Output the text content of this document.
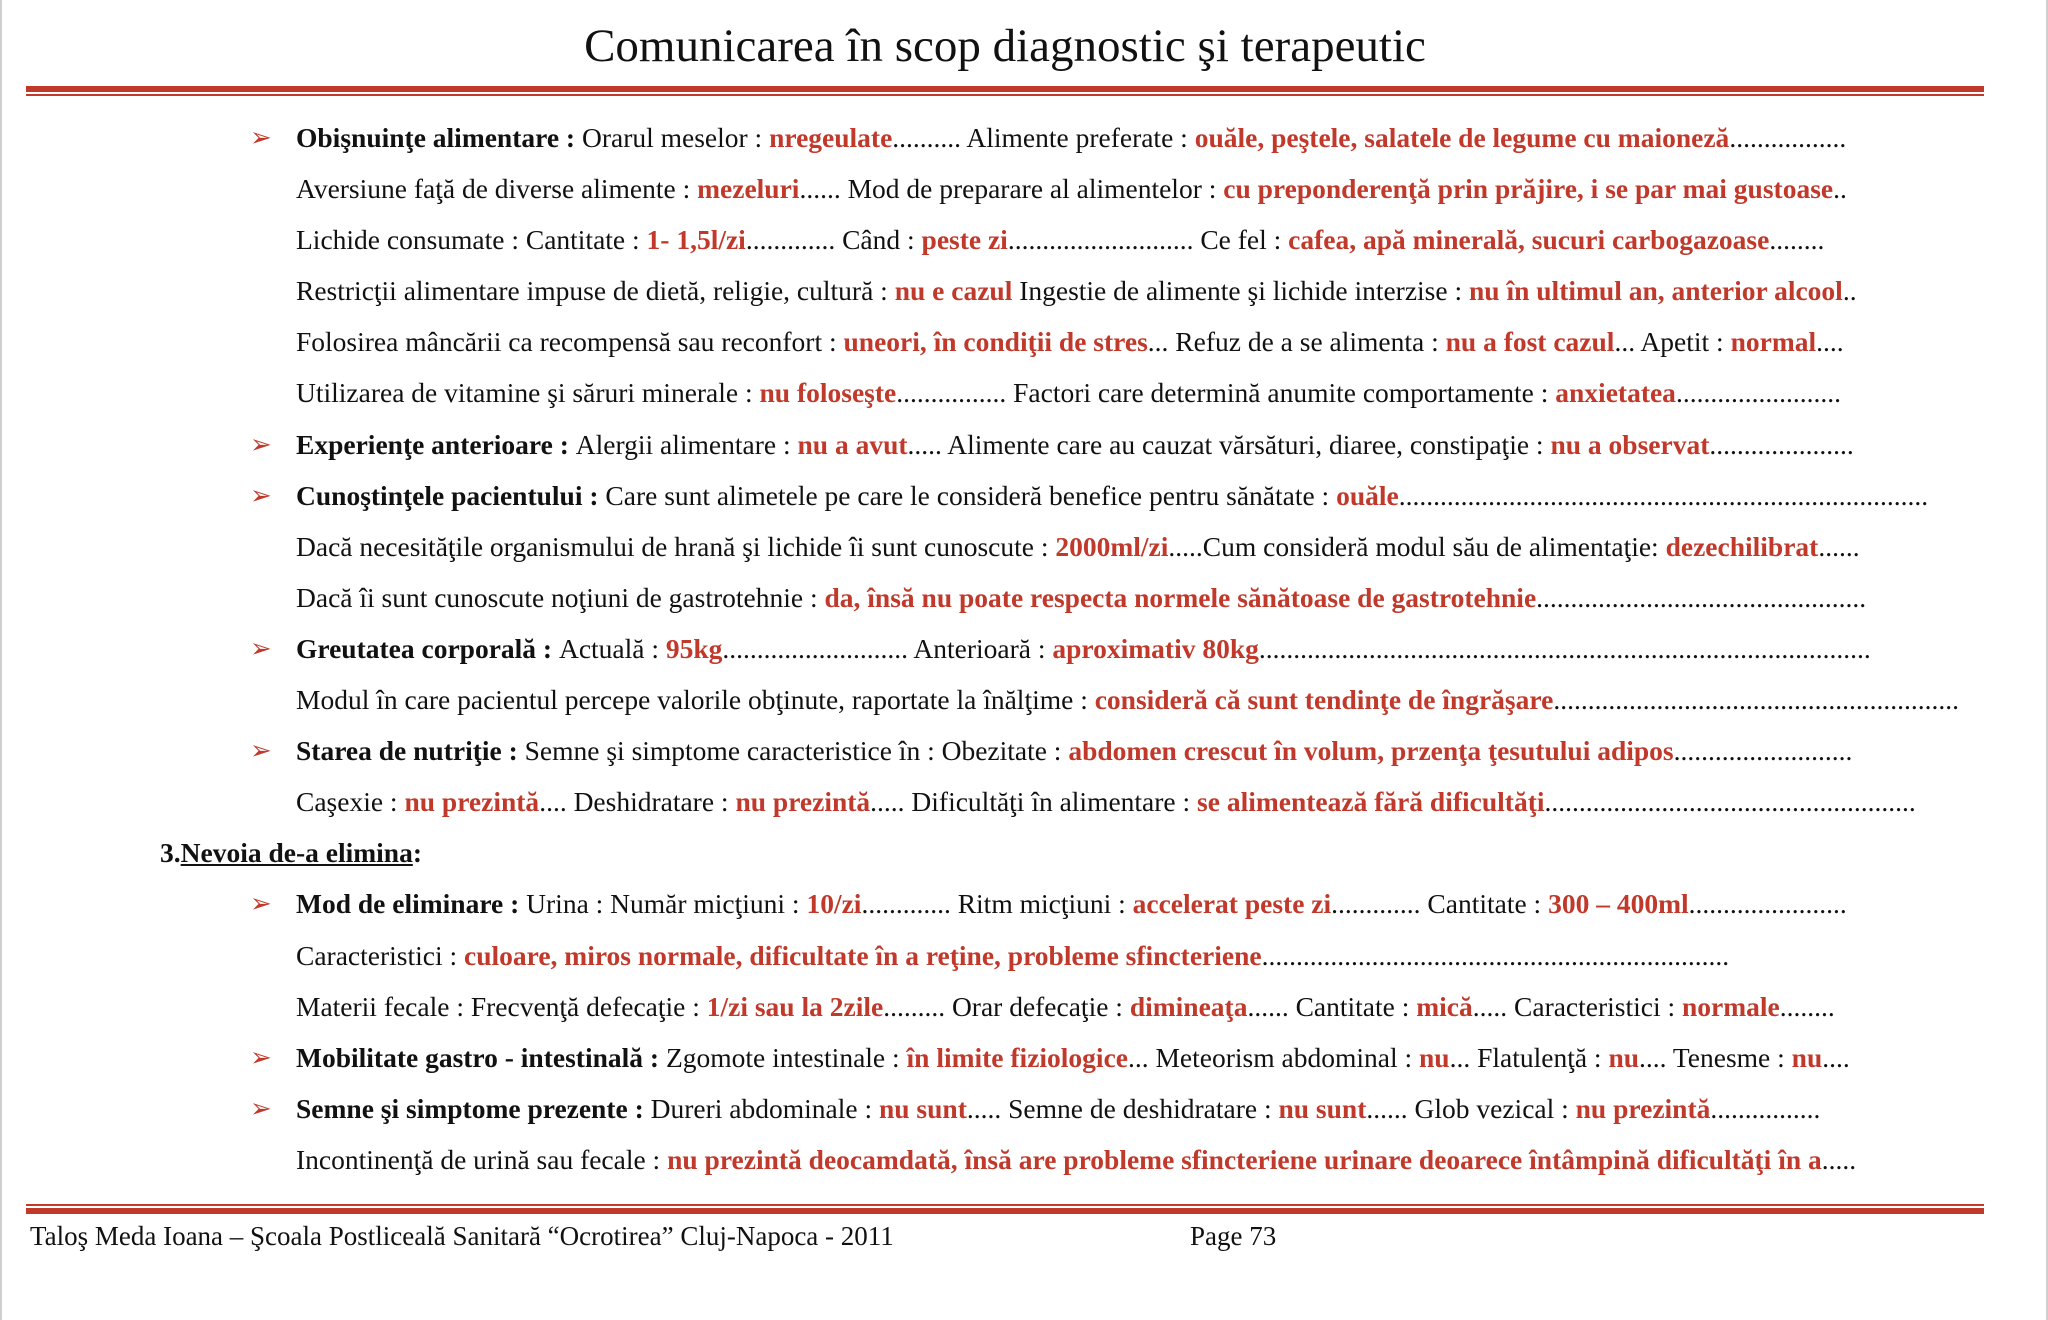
Comunicarea în scop diagnostic şi terapeutic
➢ Obişnuinţe alimentare : Orarul meselor : nregeulate.......... Alimente preferate : ouăle, peştele, salatele de legume cu maioneză.................
Aversiune faţă de diverse alimente : mezeluri...... Mod de preparare al alimentelor : cu preponderenţă prin prăjire, i se par mai gustoase..
Lichide consumate : Cantitate : 1- 1,5l/zi............. Când : peste zi........................... Ce fel : cafea, apă minerală, sucuri carbogazoase........
Restricţii alimentare impuse de dietă, religie, cultură : nu e cazul Ingestie de alimente şi lichide interzise : nu în ultimul an, anterior alcool..
Folosirea mâncării ca recompensă sau reconfort : uneori, în condiţii de stres... Refuz de a se alimenta : nu a fost cazul... Apetit : normal....
Utilizarea de vitamine şi săruri minerale : nu foloseşte................ Factori care determină anumite comportamente : anxietatea........................
➢ Experienţe anterioare : Alergii alimentare : nu a avut..... Alimente care au cauzat vărsături, diaree, constipaţie : nu a observat.....................
➢ Cunoştinţele pacientului : Care sunt alimetele pe care le consideră benefice pentru sănătate : ouăle.............................................................................
Dacă necesităţile organismului de hrană şi lichide îi sunt cunoscute : 2000ml/zi.....Cum consideră modul său de alimentaţie: dezechilibrat......
Dacă îi sunt cunoscute noţiuni de gastrotehnie : da, însă nu poate respecta normele sănătoase de gastrotehnie................................................
➢ Greutatea corporală : Actuală : 95kg........................... Anterioară : aproximativ 80kg.........................................................................................
Modul în care pacientul percepe valorile obţinute, raportate la înălţime : consideră că sunt tendinţe de îngrăşare...........................................................
➢ Starea de nutriţie : Semne şi simptome caracteristice în : Obezitate : abdomen crescut în volum, przenţa ţesutului adipos..........................
Caşexie : nu prezintă.... Deshidratare : nu prezintă..... Dificultăţi în alimentare : se alimentează fără dificultăţi......................................................
3.Nevoia de-a elimina:
➢ Mod de eliminare : Urina : Număr micţiuni : 10/zi............. Ritm micţiuni : accelerat peste zi............. Cantitate : 300 – 400ml.......................
Caracteristici : culoare, miros normale, dificultate în a reţine, probleme sfincteriene....................................................................
Materii fecale : Frecvenţă defecaţie : 1/zi sau la 2zile......... Orar defecaţie : dimineaţa...... Cantitate : mică..... Caracteristici : normale........
➢ Mobilitate gastro - intestinală : Zgomote intestinale : în limite fiziologice... Meteorism abdominal : nu... Flatulenţă : nu.... Tenesme : nu....
➢ Semne şi simptome prezente : Dureri abdominale : nu sunt..... Semne de deshidratare : nu sunt...... Glob vezical : nu prezintă................
Incontinenţă de urină sau fecale : nu prezintă deocamdată, însă are probleme sfincteriene urinare deoarece întâmpină dificultăţi în a.....
Taloş Meda Ioana – Şcoala Postliceală Sanitară “Ocrotirea” Cluj-Napoca - 2011	Page 73
